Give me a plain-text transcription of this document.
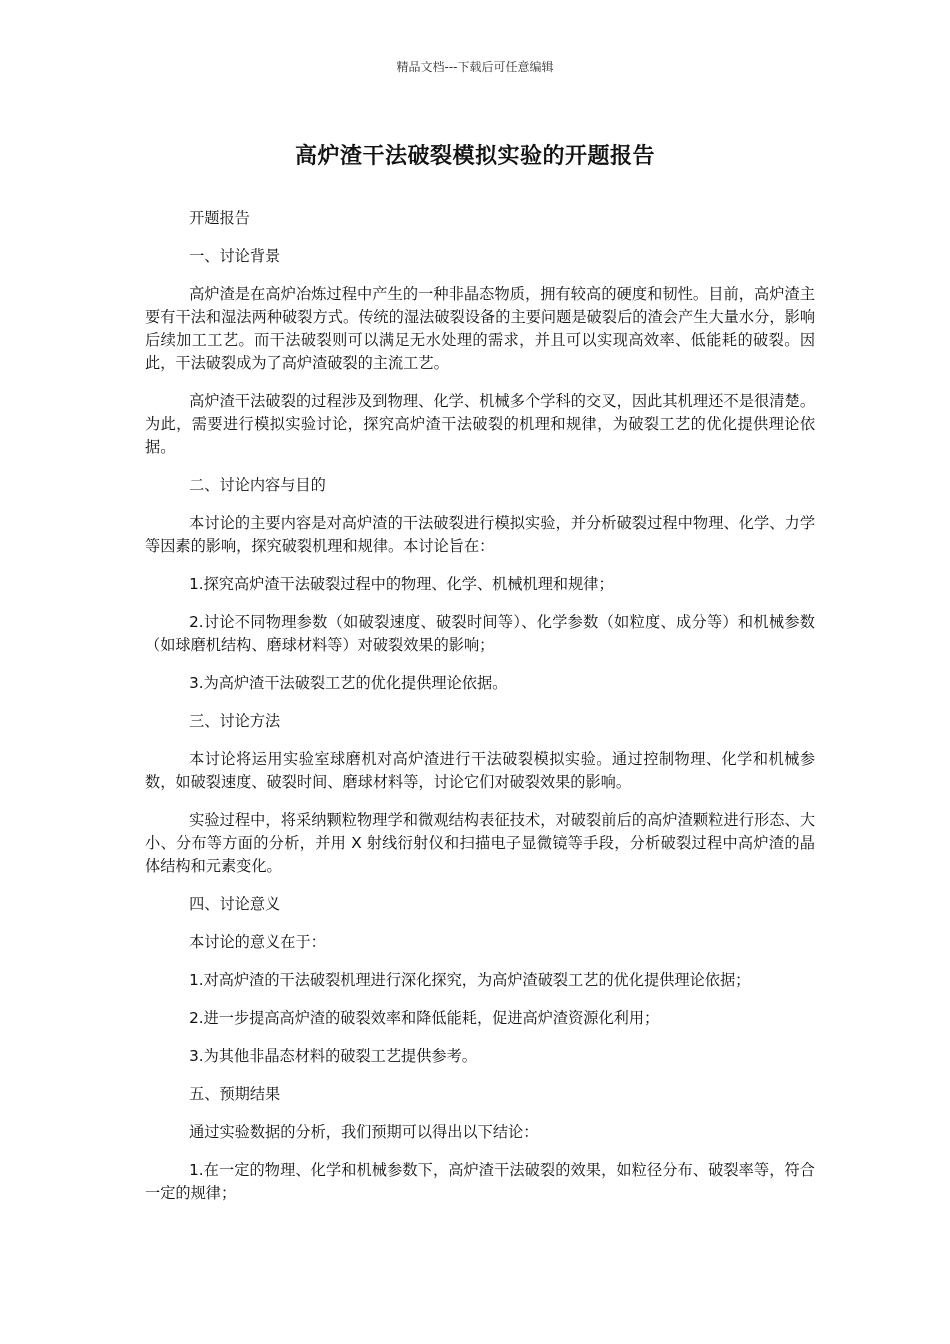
精品文档---下载后可任意编辑
高炉渣干法破裂模拟实验的开题报告

开题报告

一、讨论背景

高炉渣是在高炉冶炼过程中产生的一种非晶态物质，拥有较高的硬度和韧性。目前，高炉渣主要有干法和湿法两种破裂方式。传统的湿法破裂设备的主要问题是破裂后的渣会产生大量水分，影响后续加工工艺。而干法破裂则可以满足无水处理的需求，并且可以实现高效率、低能耗的破裂。因此，干法破裂成为了高炉渣破裂的主流工艺。

高炉渣干法破裂的过程涉及到物理、化学、机械多个学科的交叉，因此其机理还不是很清楚。为此，需要进行模拟实验讨论，探究高炉渣干法破裂的机理和规律，为破裂工艺的优化提供理论依据。

二、讨论内容与目的

本讨论的主要内容是对高炉渣的干法破裂进行模拟实验，并分析破裂过程中物理、化学、力学等因素的影响，探究破裂机理和规律。本讨论旨在：

1.探究高炉渣干法破裂过程中的物理、化学、机械机理和规律；

2.讨论不同物理参数（如破裂速度、破裂时间等）、化学参数（如粒度、成分等）和机械参数（如球磨机结构、磨球材料等）对破裂效果的影响；

3.为高炉渣干法破裂工艺的优化提供理论依据。

三、讨论方法

本讨论将运用实验室球磨机对高炉渣进行干法破裂模拟实验。通过控制物理、化学和机械参数，如破裂速度、破裂时间、磨球材料等，讨论它们对破裂效果的影响。

实验过程中，将采纳颗粒物理学和微观结构表征技术，对破裂前后的高炉渣颗粒进行形态、大小、分布等方面的分析，并用 X 射线衍射仪和扫描电子显微镜等手段，分析破裂过程中高炉渣的晶体结构和元素变化。

四、讨论意义

本讨论的意义在于：

1.对高炉渣的干法破裂机理进行深化探究，为高炉渣破裂工艺的优化提供理论依据；

2.进一步提高高炉渣的破裂效率和降低能耗，促进高炉渣资源化利用；

3.为其他非晶态材料的破裂工艺提供参考。

五、预期结果

通过实验数据的分析，我们预期可以得出以下结论：

1.在一定的物理、化学和机械参数下，高炉渣干法破裂的效果，如粒径分布、破裂率等，符合一定的规律；
